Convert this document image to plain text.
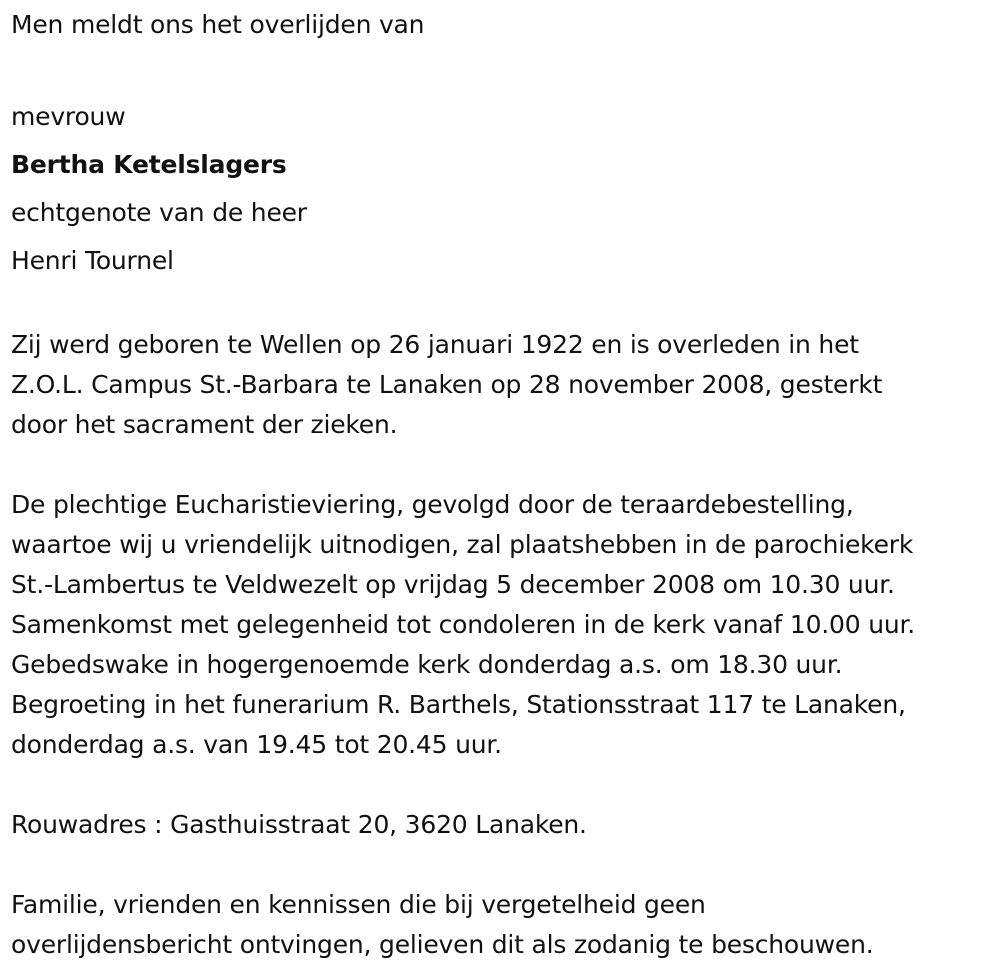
Men meldt ons het overlijden van
mevrouw
Bertha Ketelslagers
echtgenote van de heer
Henri Tournel
Zij werd geboren te Wellen op 26 januari 1922 en is overleden in het
Z.O.L. Campus St.-Barbara te Lanaken op 28 november 2008, gesterkt
door het sacrament der zieken.
De plechtige Eucharistieviering, gevolgd door de teraardebestelling,
waartoe wij u vriendelijk uitnodigen, zal plaatshebben in de parochiekerk
St.-Lambertus te Veldwezelt op vrijdag 5 december 2008 om 10.30 uur.
Samenkomst met gelegenheid tot condoleren in de kerk vanaf 10.00 uur.
Gebedswake in hogergenoemde kerk donderdag a.s. om 18.30 uur.
Begroeting in het funerarium R. Barthels, Stationsstraat 117 te Lanaken,
donderdag a.s. van 19.45 tot 20.45 uur.
Rouwadres : Gasthuisstraat 20, 3620 Lanaken.
Familie, vrienden en kennissen die bij vergetelheid geen
overlijdensbericht ontvingen, gelieven dit als zodanig te beschouwen.
